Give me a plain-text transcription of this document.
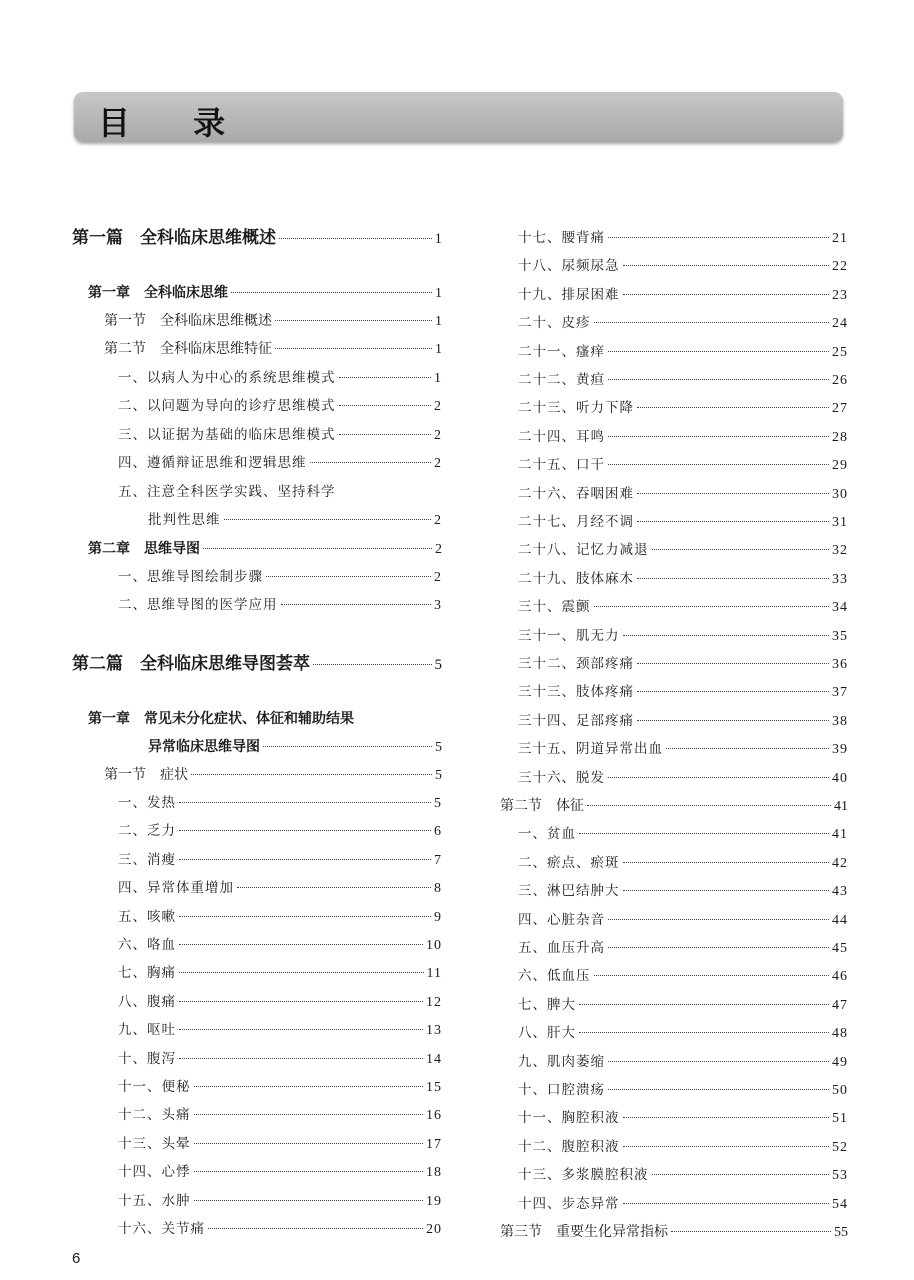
目 录
第一篇　全科临床思维概述	1
第一章　全科临床思维	1
第一节　全科临床思维概述	1
第二节　全科临床思维特征	1
一、以病人为中心的系统思维模式	1
二、以问题为导向的诊疗思维模式	2
三、以证据为基础的临床思维模式	2
四、遵循辩证思维和逻辑思维	2
五、注意全科医学实践、坚持科学
批判性思维	2
第二章　思维导图	2
一、思维导图绘制步骤	2
二、思维导图的医学应用	3
第二篇　全科临床思维导图荟萃	5
第一章　常见未分化症状、体征和辅助结果
异常临床思维导图	5
第一节　症状	5
一、发热	5
二、乏力	6
三、消瘦	7
四、异常体重增加	8
五、咳嗽	9
六、咯血	10
七、胸痛	11
八、腹痛	12
九、呕吐	13
十、腹泻	14
十一、便秘	15
十二、头痛	16
十三、头晕	17
十四、心悸	18
十五、水肿	19
十六、关节痛	20
十七、腰背痛	21
十八、尿频尿急	22
十九、排尿困难	23
二十、皮疹	24
二十一、瘙痒	25
二十二、黄疸	26
二十三、听力下降	27
二十四、耳鸣	28
二十五、口干	29
二十六、吞咽困难	30
二十七、月经不调	31
二十八、记忆力减退	32
二十九、肢体麻木	33
三十、震颤	34
三十一、肌无力	35
三十二、颈部疼痛	36
三十三、肢体疼痛	37
三十四、足部疼痛	38
三十五、阴道异常出血	39
三十六、脱发	40
第二节　体征	41
一、贫血	41
二、瘀点、瘀斑	42
三、淋巴结肿大	43
四、心脏杂音	44
五、血压升高	45
六、低血压	46
七、脾大	47
八、肝大	48
九、肌肉萎缩	49
十、口腔溃疡	50
十一、胸腔积液	51
十二、腹腔积液	52
十三、多浆膜腔积液	53
十四、步态异常	54
第三节　重要生化异常指标	55
6
